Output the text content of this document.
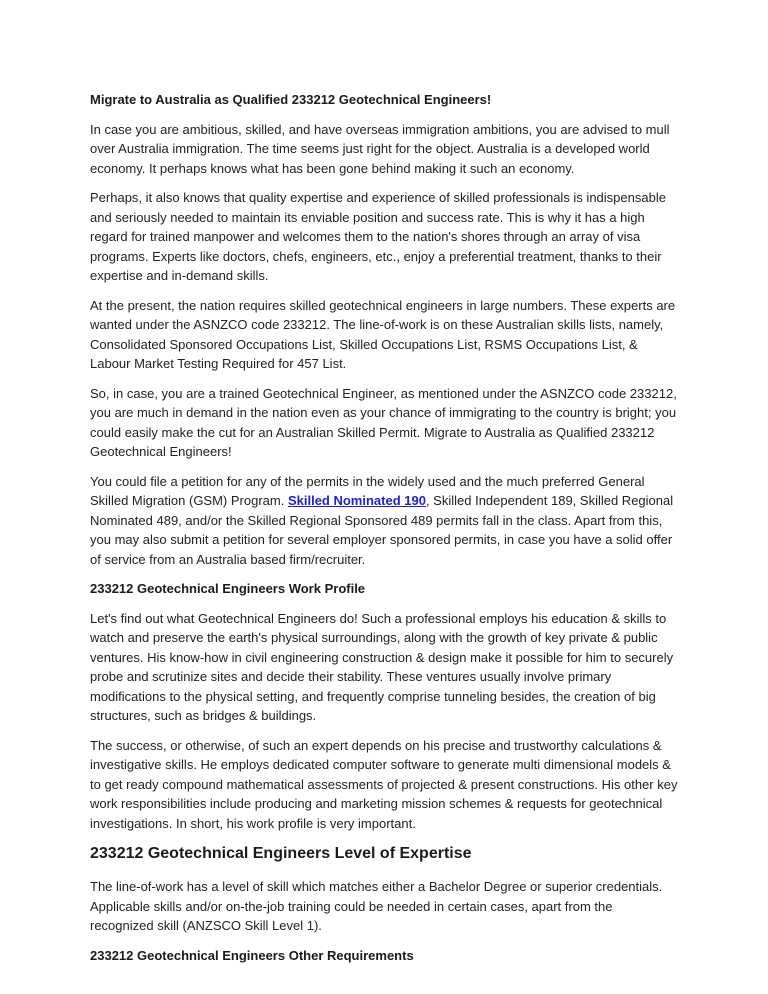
Migrate to Australia as Qualified 233212 Geotechnical Engineers!

In case you are ambitious, skilled, and have overseas immigration ambitions, you are advised to mull over Australia immigration. The time seems just right for the object. Australia is a developed world economy. It perhaps knows what has been gone behind making it such an economy.

Perhaps, it also knows that quality expertise and experience of skilled professionals is indispensable and seriously needed to maintain its enviable position and success rate. This is why it has a high regard for trained manpower and welcomes them to the nation's shores through an array of visa programs. Experts like doctors, chefs, engineers, etc., enjoy a preferential treatment, thanks to their expertise and in-demand skills.

At the present, the nation requires skilled geotechnical engineers in large numbers. These experts are wanted under the ASNZCO code 233212. The line-of-work is on these Australian skills lists, namely, Consolidated Sponsored Occupations List, Skilled Occupations List, RSMS Occupations List, & Labour Market Testing Required for 457 List.

So, in case, you are a trained Geotechnical Engineer, as mentioned under the ASNZCO code 233212, you are much in demand in the nation even as your chance of immigrating to the country is bright; you could easily make the cut for an Australian Skilled Permit. Migrate to Australia as Qualified 233212 Geotechnical Engineers!

You could file a petition for any of the permits in the widely used and the much preferred General Skilled Migration (GSM) Program. Skilled Nominated 190, Skilled Independent 189, Skilled Regional Nominated 489, and/or the Skilled Regional Sponsored 489 permits fall in the class. Apart from this, you may also submit a petition for several employer sponsored permits, in case you have a solid offer of service from an Australia based firm/recruiter.

233212 Geotechnical Engineers Work Profile

Let's find out what Geotechnical Engineers do! Such a professional employs his education & skills to watch and preserve the earth's physical surroundings, along with the growth of key private & public ventures. His know-how in civil engineering construction & design make it possible for him to securely probe and scrutinize sites and decide their stability. These ventures usually involve primary modifications to the physical setting, and frequently comprise tunneling besides, the creation of big structures, such as bridges & buildings.

The success, or otherwise, of such an expert depends on his precise and trustworthy calculations & investigative skills. He employs dedicated computer software to generate multi dimensional models & to get ready compound mathematical assessments of projected & present constructions. His other key work responsibilities include producing and marketing mission schemes & requests for geotechnical investigations. In short, his work profile is very important.

233212 Geotechnical Engineers Level of Expertise

The line-of-work has a level of skill which matches either a Bachelor Degree or superior credentials. Applicable skills and/or on-the-job training could be needed in certain cases, apart from the recognized skill (ANZSCO Skill Level 1).

233212 Geotechnical Engineers Other Requirements
